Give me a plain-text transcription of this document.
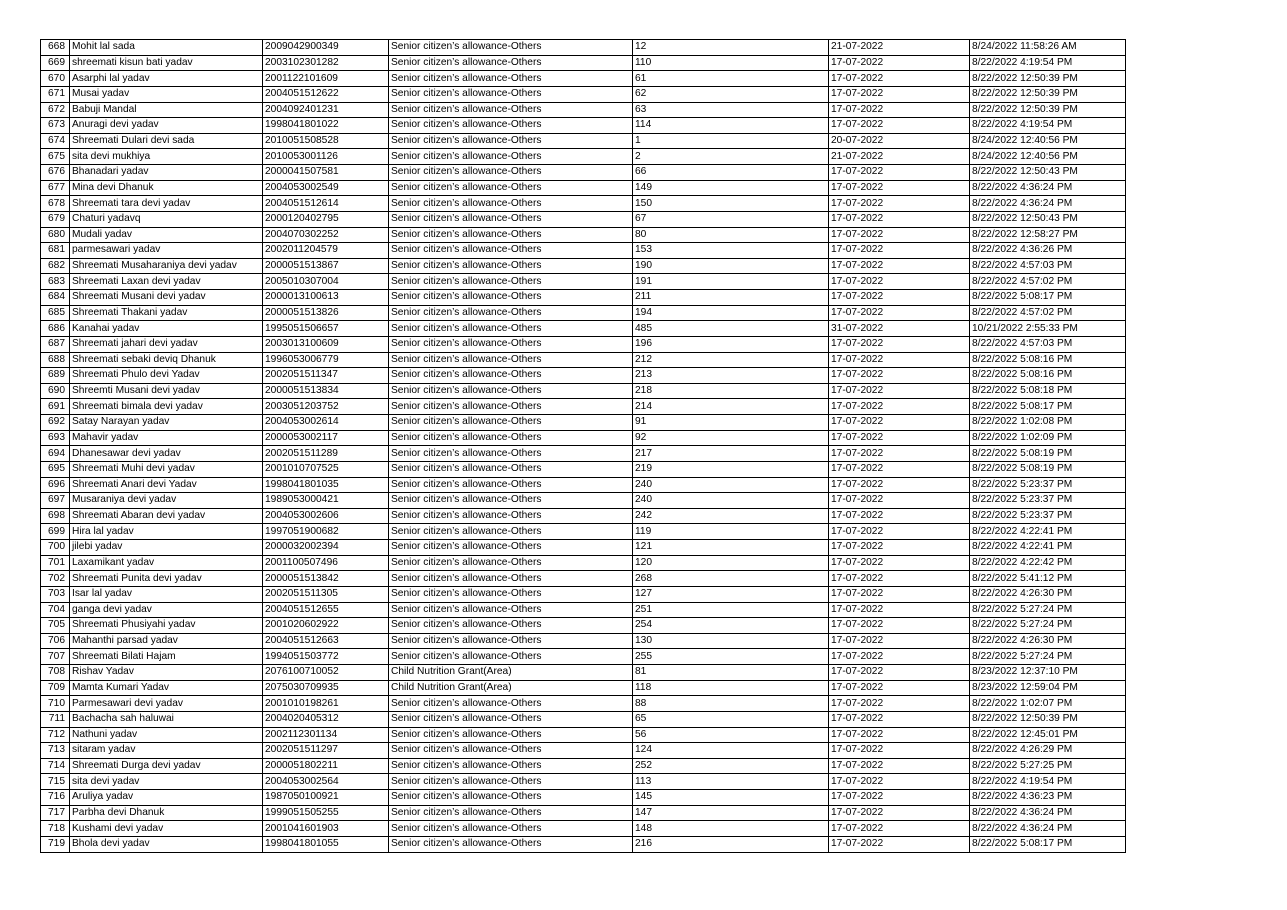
668	Mohit lal sada	2009042900349	Senior citizen’s allowance-Others	12	21-07-2022	8/24/2022 11:58:26 AM
669	shreemati kisun bati yadav	2003102301282	Senior citizen’s allowance-Others	110	17-07-2022	8/22/2022 4:19:54 PM
670	Asarphi lal yadav	2001122101609	Senior citizen’s allowance-Others	61	17-07-2022	8/22/2022 12:50:39 PM
671	Musai yadav	2004051512622	Senior citizen’s allowance-Others	62	17-07-2022	8/22/2022 12:50:39 PM
672	Babuji Mandal	2004092401231	Senior citizen’s allowance-Others	63	17-07-2022	8/22/2022 12:50:39 PM
673	Anuragi devi yadav	1998041801022	Senior citizen’s allowance-Others	114	17-07-2022	8/22/2022 4:19:54 PM
674	Shreemati Dulari devi sada	2010051508528	Senior citizen’s allowance-Others	1	20-07-2022	8/24/2022 12:40:56 PM
675	sita devi mukhiya	2010053001126	Senior citizen’s allowance-Others	2	21-07-2022	8/24/2022 12:40:56 PM
676	Bhanadari yadav	2000041507581	Senior citizen’s allowance-Others	66	17-07-2022	8/22/2022 12:50:43 PM
677	Mina devi Dhanuk	2004053002549	Senior citizen’s allowance-Others	149	17-07-2022	8/22/2022 4:36:24 PM
678	Shreemati tara devi yadav	2004051512614	Senior citizen’s allowance-Others	150	17-07-2022	8/22/2022 4:36:24 PM
679	Chaturi yadavq	2000120402795	Senior citizen’s allowance-Others	67	17-07-2022	8/22/2022 12:50:43 PM
680	Mudali yadav	2004070302252	Senior citizen’s allowance-Others	80	17-07-2022	8/22/2022 12:58:27 PM
681	parmesawari yadav	2002011204579	Senior citizen’s allowance-Others	153	17-07-2022	8/22/2022 4:36:26 PM
682	Shreemati Musaharaniya devi yadav	2000051513867	Senior citizen’s allowance-Others	190	17-07-2022	8/22/2022 4:57:03 PM
683	Shreemati Laxan devi yadav	2005010307004	Senior citizen’s allowance-Others	191	17-07-2022	8/22/2022 4:57:02 PM
684	Shreemati Musani devi yadav	2000013100613	Senior citizen’s allowance-Others	211	17-07-2022	8/22/2022 5:08:17 PM
685	Shreemati Thakani yadav	2000051513826	Senior citizen’s allowance-Others	194	17-07-2022	8/22/2022 4:57:02 PM
686	Kanahai yadav	1995051506657	Senior citizen’s allowance-Others	485	31-07-2022	10/21/2022 2:55:33 PM
687	Shreemati jahari devi yadav	2003013100609	Senior citizen’s allowance-Others	196	17-07-2022	8/22/2022 4:57:03 PM
688	Shreemati sebaki deviq Dhanuk	1996053006779	Senior citizen’s allowance-Others	212	17-07-2022	8/22/2022 5:08:16 PM
689	Shreemati Phulo devi Yadav	2002051511347	Senior citizen’s allowance-Others	213	17-07-2022	8/22/2022 5:08:16 PM
690	Shreemti Musani devi yadav	2000051513834	Senior citizen’s allowance-Others	218	17-07-2022	8/22/2022 5:08:18 PM
691	Shreemati bimala devi yadav	2003051203752	Senior citizen’s allowance-Others	214	17-07-2022	8/22/2022 5:08:17 PM
692	Satay Narayan yadav	2004053002614	Senior citizen’s allowance-Others	91	17-07-2022	8/22/2022 1:02:08 PM
693	Mahavir yadav	2000053002117	Senior citizen’s allowance-Others	92	17-07-2022	8/22/2022 1:02:09 PM
694	Dhanesawar devi yadav	2002051511289	Senior citizen’s allowance-Others	217	17-07-2022	8/22/2022 5:08:19 PM
695	Shreemati Muhi devi yadav	2001010707525	Senior citizen’s allowance-Others	219	17-07-2022	8/22/2022 5:08:19 PM
696	Shreemati Anari devi Yadav	1998041801035	Senior citizen’s allowance-Others	240	17-07-2022	8/22/2022 5:23:37 PM
697	Musaraniya devi yadav	1989053000421	Senior citizen’s allowance-Others	240	17-07-2022	8/22/2022 5:23:37 PM
698	Shreemati Abaran devi yadav	2004053002606	Senior citizen’s allowance-Others	242	17-07-2022	8/22/2022 5:23:37 PM
699	Hira lal yadav	1997051900682	Senior citizen’s allowance-Others	119	17-07-2022	8/22/2022 4:22:41 PM
700	jilebi yadav	2000032002394	Senior citizen’s allowance-Others	121	17-07-2022	8/22/2022 4:22:41 PM
701	Laxamikant yadav	2001100507496	Senior citizen’s allowance-Others	120	17-07-2022	8/22/2022 4:22:42 PM
702	Shreemati Punita devi yadav	2000051513842	Senior citizen’s allowance-Others	268	17-07-2022	8/22/2022 5:41:12 PM
703	Isar lal yadav	2002051511305	Senior citizen’s allowance-Others	127	17-07-2022	8/22/2022 4:26:30 PM
704	ganga devi yadav	2004051512655	Senior citizen’s allowance-Others	251	17-07-2022	8/22/2022 5:27:24 PM
705	Shreemati Phusiyahi yadav	2001020602922	Senior citizen’s allowance-Others	254	17-07-2022	8/22/2022 5:27:24 PM
706	Mahanthi parsad yadav	2004051512663	Senior citizen’s allowance-Others	130	17-07-2022	8/22/2022 4:26:30 PM
707	Shreemati Bilati Hajam	1994051503772	Senior citizen’s allowance-Others	255	17-07-2022	8/22/2022 5:27:24 PM
708	Rishav Yadav	2076100710052	Child Nutrition Grant(Area)	81	17-07-2022	8/23/2022 12:37:10 PM
709	Mamta Kumari Yadav	2075030709935	Child Nutrition Grant(Area)	118	17-07-2022	8/23/2022 12:59:04 PM
710	Parmesawari devi yadav	2001010198261	Senior citizen’s allowance-Others	88	17-07-2022	8/22/2022 1:02:07 PM
711	Bachacha sah haluwai	2004020405312	Senior citizen’s allowance-Others	65	17-07-2022	8/22/2022 12:50:39 PM
712	Nathuni yadav	2002112301134	Senior citizen’s allowance-Others	56	17-07-2022	8/22/2022 12:45:01 PM
713	sitaram yadav	2002051511297	Senior citizen’s allowance-Others	124	17-07-2022	8/22/2022 4:26:29 PM
714	Shreemati Durga devi yadav	2000051802211	Senior citizen’s allowance-Others	252	17-07-2022	8/22/2022 5:27:25 PM
715	sita devi yadav	2004053002564	Senior citizen’s allowance-Others	113	17-07-2022	8/22/2022 4:19:54 PM
716	Aruliya yadav	1987050100921	Senior citizen’s allowance-Others	145	17-07-2022	8/22/2022 4:36:23 PM
717	Parbha devi Dhanuk	1999051505255	Senior citizen’s allowance-Others	147	17-07-2022	8/22/2022 4:36:24 PM
718	Kushami devi yadav	2001041601903	Senior citizen’s allowance-Others	148	17-07-2022	8/22/2022 4:36:24 PM
719	Bhola devi yadav	1998041801055	Senior citizen’s allowance-Others	216	17-07-2022	8/22/2022 5:08:17 PM
